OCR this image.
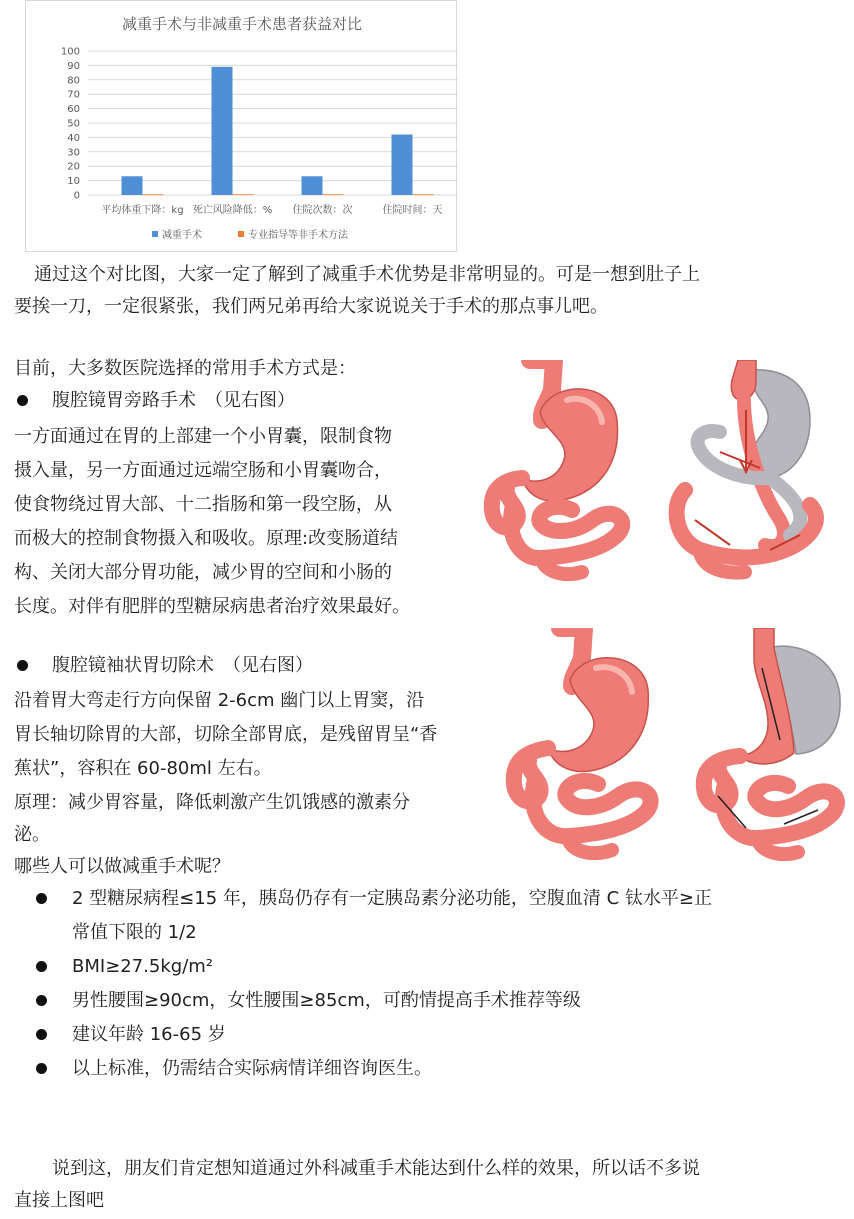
减重手术与非减重手术患者获益对比
0
10
20
30
40
50
60
70
80
90
100
平均体重下降：kg 死亡风险降低：% 住院次数：次	住院时间：天
减重手术	专业指导等非手术方法
通过这个对比图，大家一定了解到了减重手术优势是非常明显的。可是一想到肚子上
要挨一刀，一定很紧张，我们两兄弟再给大家说说关于手术的那点事儿吧。
目前，大多数医院选择的常用手术方式是：
腹腔镜胃旁路手术　（见右图）
一方面通过在胃的上部建一个小胃囊，限制食物
摄入量，另一方面通过远端空肠和小胃囊吻合，
使食物绕过胃大部、十二指肠和第一段空肠，从
而极大的控制食物摄入和吸收。原理:改变肠道结
构、关闭大部分胃功能，减少胃的空间和小肠的
长度。对伴有肥胖的型糖尿病患者治疗效果最好。
腹腔镜袖状胃切除术　（见右图）
沿着胃大弯走行方向保留 2-6cm 幽门以上胃窦，沿
胃长轴切除胃的大部，切除全部胃底，是残留胃呈“香
蕉状”，容积在 60-80ml 左右。
原理：减少胃容量，降低刺激产生饥饿感的激素分
泌。
哪些人可以做减重手术呢？
2 型糖尿病程≤15 年，胰岛仍存有一定胰岛素分泌功能，空腹血清 C 钛水平≥正
常值下限的 1/2
BMI≥27.5kg/m²
男性腰围≥90cm，女性腰围≥85cm，可酌情提高手术推荐等级
建议年龄 16-65 岁
以上标准，仍需结合实际病情详细咨询医生。
说到这，朋友们肯定想知道通过外科减重手术能达到什么样的效果，所以话不多说
直接上图吧
